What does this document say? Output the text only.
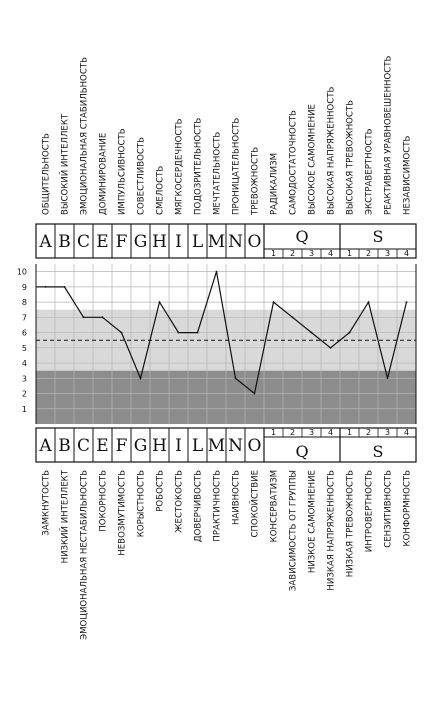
1
2
3
4
5
6
7
8
9
10
A B C E F G H I L M N O
1 2 3 4
Q
1 2 3 4
S
A B C E F G H I L M N O
1 2 3 4
Q
1 2 3 4
S
ОБЩИТЕЛЬНОСТЬ ВЫСОКИЙ ИНТЕЛЛЕКТ ЭМОЦИОНАЛЬНАЯ СТАБИЛЬНОСТЬ ДОМИНИРОВАНИЕ ИМПУЛЬСИВНОСТЬ СОВЕСТЛИВОСТЬ СМЕЛОСТЬ МЯГКОСЕРДЕЧНОСТЬ ПОДОЗРИТЕЛЬНОСТЬ МЕЧТАТЕЛЬНОСТЬ ПРОНИЦАТЕЛЬНОСТЬ ТРЕВОЖНОСТЬ РАДИКАЛИЗМ САМОДОСТАТОЧНОСТЬ ВЫСОКОЕ САМОМНЕНИЕ ВЫСОКАЯ НАПРЯЖЕННОСТЬ ВЫСОКАЯ ТРЕВОЖНОСТЬ ЭКСТРАВЕРТНОСТЬ РЕАКТИВНАЯ УРАВНОВЕШЕННОСТЬ НЕЗАВИСИМОСТЬ
ЗАМКНУТОСТЬ НИЗКИЙ ИНТЕЛЛЕКТ ЭМОЦИОНАЛЬНАЯ НЕСТАБИЛЬНОСТЬ ПОКОРНОСТЬ НЕВОЗМУТИМОСТЬ КОРЫСТНОСТЬ РОБОСТЬ ЖЕСТОКОСТЬ ДОВЕРЧИВОСТЬ ПРАКТИЧНОСТЬ НАИВНОСТЬ СПОКОЙСТВИЕ КОНСЕРВАТИЗМ ЗАВИСИМОСТЬ ОТ ГРУППЫ НИЗКОЕ САМОМНЕНИЕ НИЗКАЯ НАПРЯЖЕННОСТЬ НИЗКАЯ ТРЕВОЖНОСТЬ ИНТРОВЕРТНОСТЬ СЕНЗИТИВНОСТЬ КОНФОРМНОСТЬ
